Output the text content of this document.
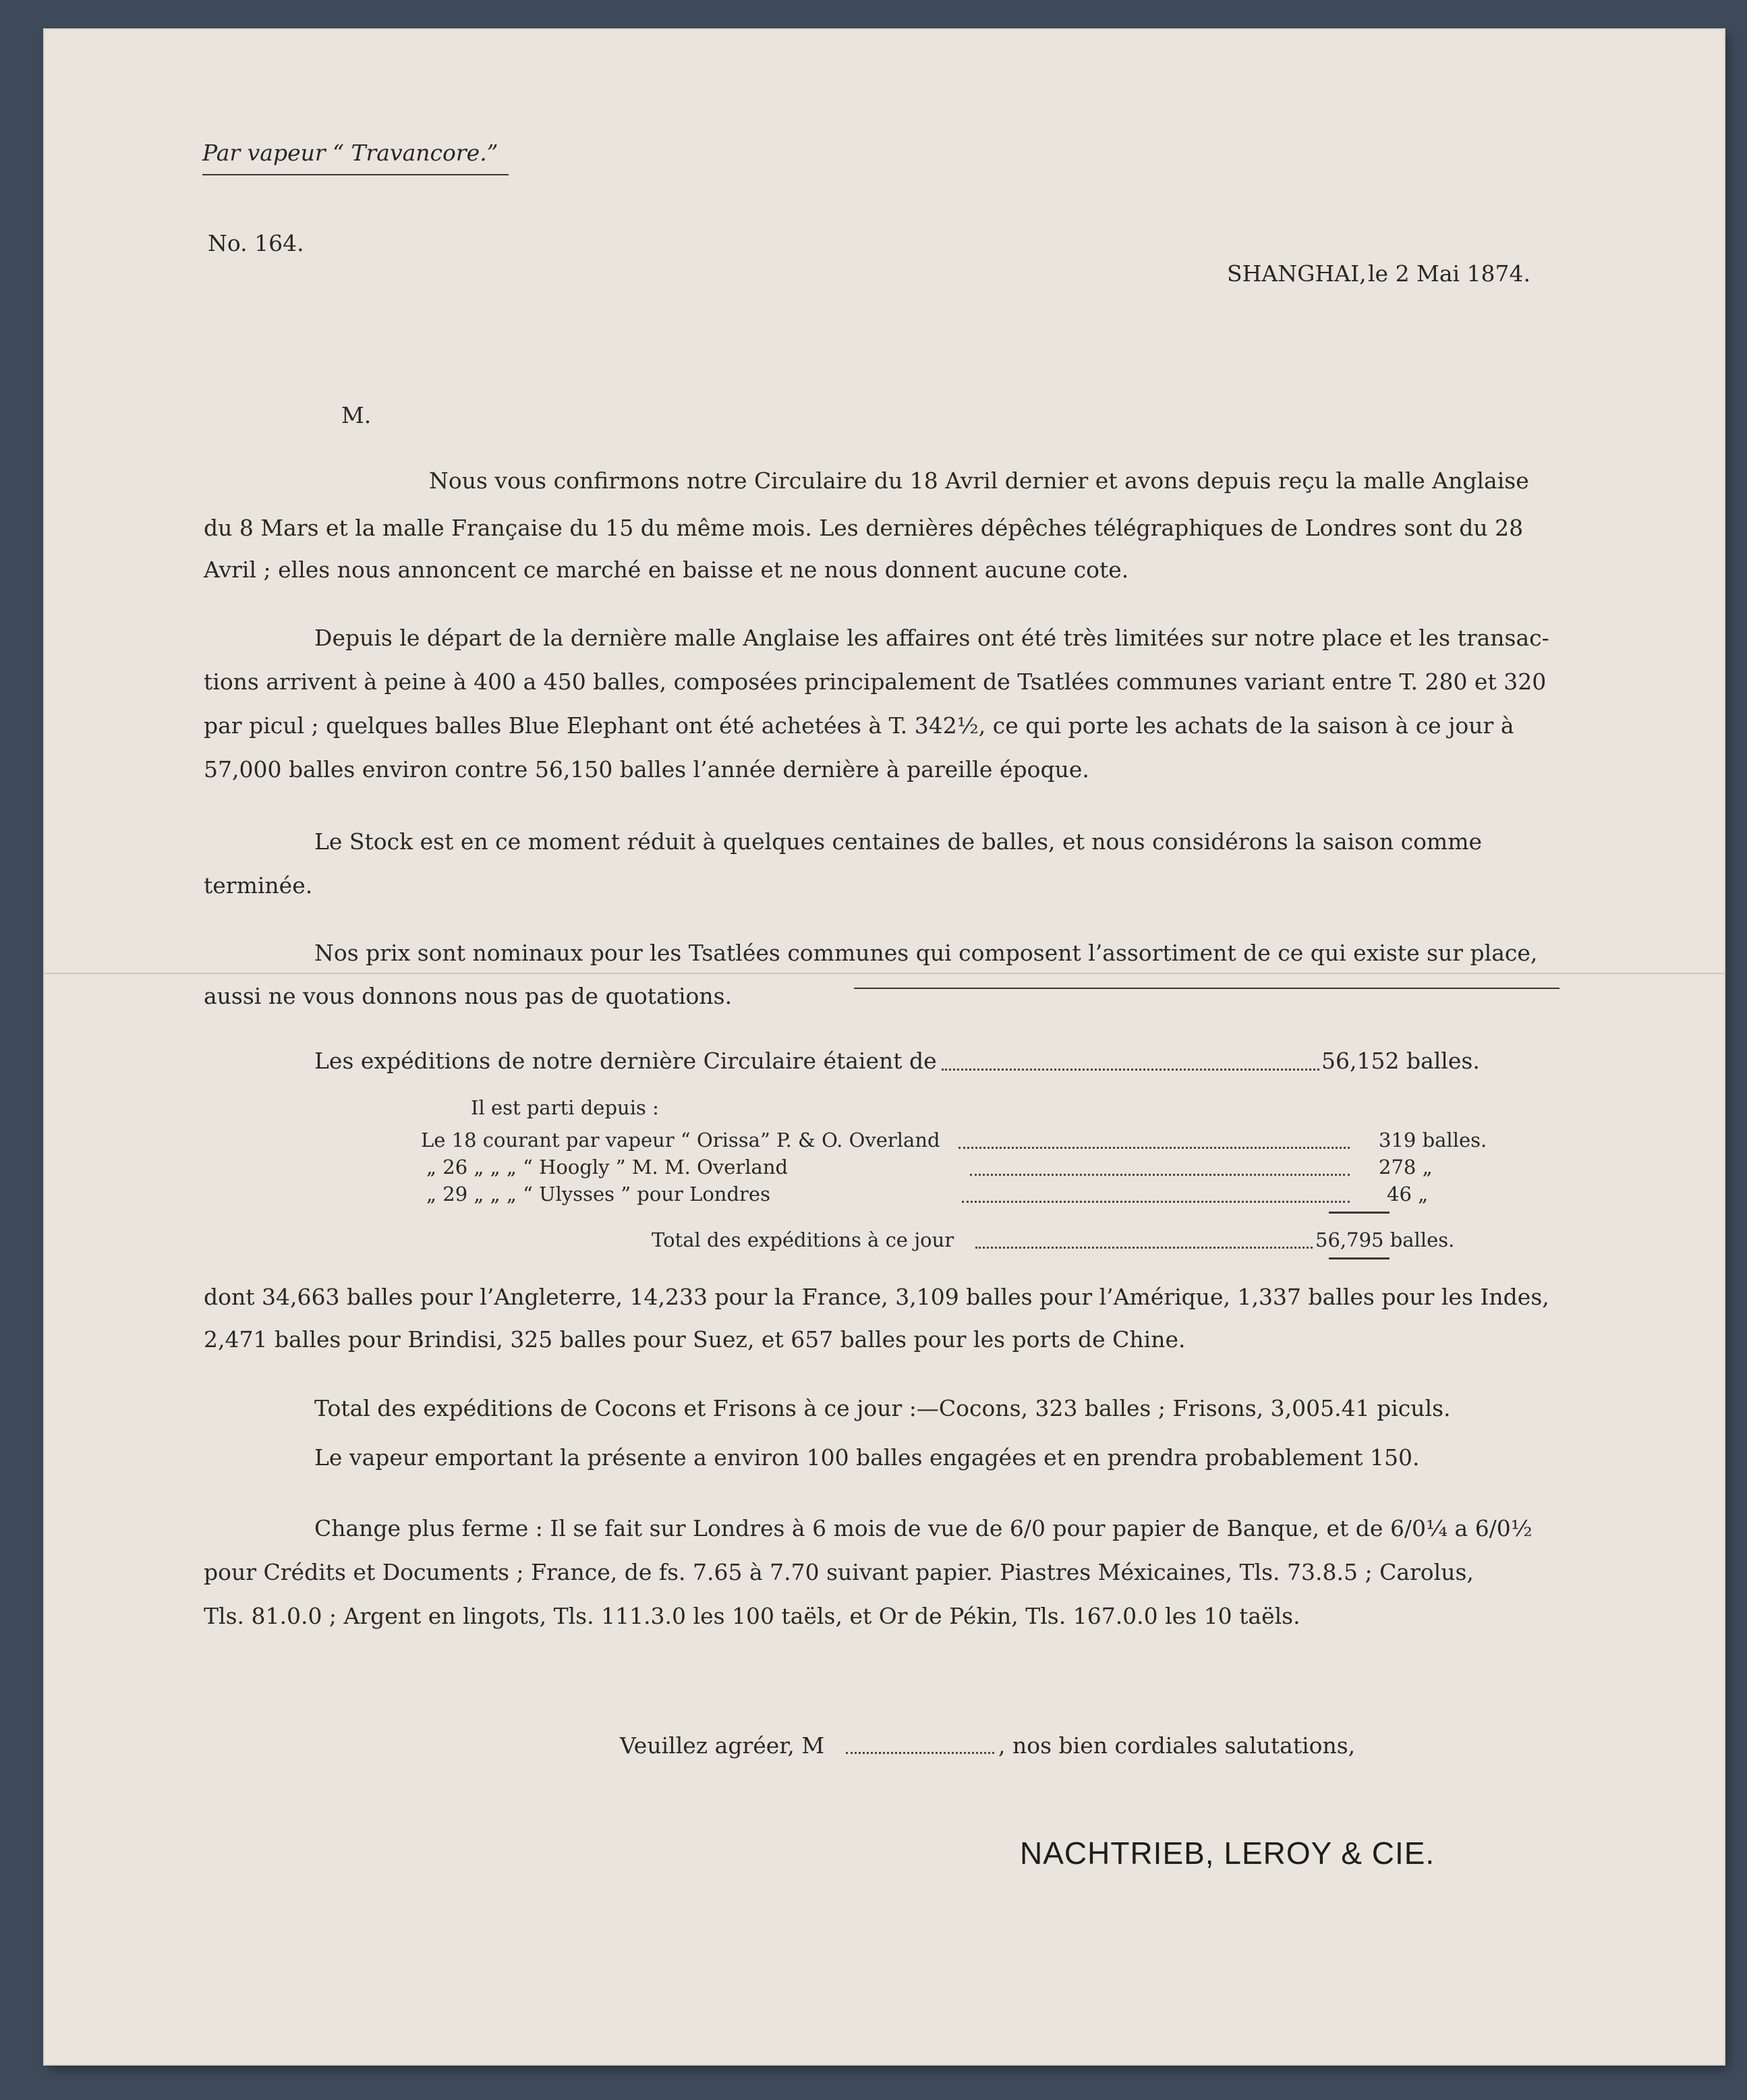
Par vapeur “ Travancore.”
No. 164.
SHANGHAI, le 2 Mai 1874.
M.
Nous vous confirmons notre Circulaire du 18 Avril dernier et avons depuis reçu la malle Anglaise
du 8 Mars et la malle Française du 15 du même mois. Les dernières dépêches télégraphiques de Londres sont du 28
Avril ; elles nous annoncent ce marché en baisse et ne nous donnent aucune cote.
Depuis le départ de la dernière malle Anglaise les affaires ont été très limitées sur notre place et les transac-
tions arrivent à peine à 400 a 450 balles, composées principalement de Tsatlées communes variant entre T. 280 et 320
par picul ; quelques balles Blue Elephant ont été achetées à T. 342½, ce qui porte les achats de la saison à ce jour à
57,000 balles environ contre 56,150 balles l’année dernière à pareille époque.
Le Stock est en ce moment réduit à quelques centaines de balles, et nous considérons la saison comme
terminée.
Nos prix sont nominaux pour les Tsatlées communes qui composent l’assortiment de ce qui existe sur place,
aussi ne vous donnons nous pas de quotations.
Les expéditions de notre dernière Circulaire étaient de	56,152 balles.
Il est parti depuis :
Le 18 courant par vapeur “ Orissa” P. & O. Overland	319 balles.
„ 26 „ „ „ “ Hoogly ” M. M. Overland	278 „
„ 29 „ „ „ “ Ulysses ” pour Londres	46 „
Total des expéditions à ce jour	56,795 balles.
dont 34,663 balles pour l’Angleterre, 14,233 pour la France, 3,109 balles pour l’Amérique, 1,337 balles pour les Indes,
2,471 balles pour Brindisi, 325 balles pour Suez, et 657 balles pour les ports de Chine.
Total des expéditions de Cocons et Frisons à ce jour :—Cocons, 323 balles ; Frisons, 3,005.41 piculs.
Le vapeur emportant la présente a environ 100 balles engagées et en prendra probablement 150.
Change plus ferme : Il se fait sur Londres à 6 mois de vue de 6/0 pour papier de Banque, et de 6/0¼ a 6/0½
pour Crédits et Documents ; France, de fs. 7.65 à 7.70 suivant papier. Piastres Méxicaines, Tls. 73.8.5 ; Carolus,
Tls. 81.0.0 ; Argent en lingots, Tls. 111.3.0 les 100 taëls, et Or de Pékin, Tls. 167.0.0 les 10 taëls.
Veuillez agréer, M	, nos bien cordiales salutations,
NACHTRIEB, LEROY & CIE.
